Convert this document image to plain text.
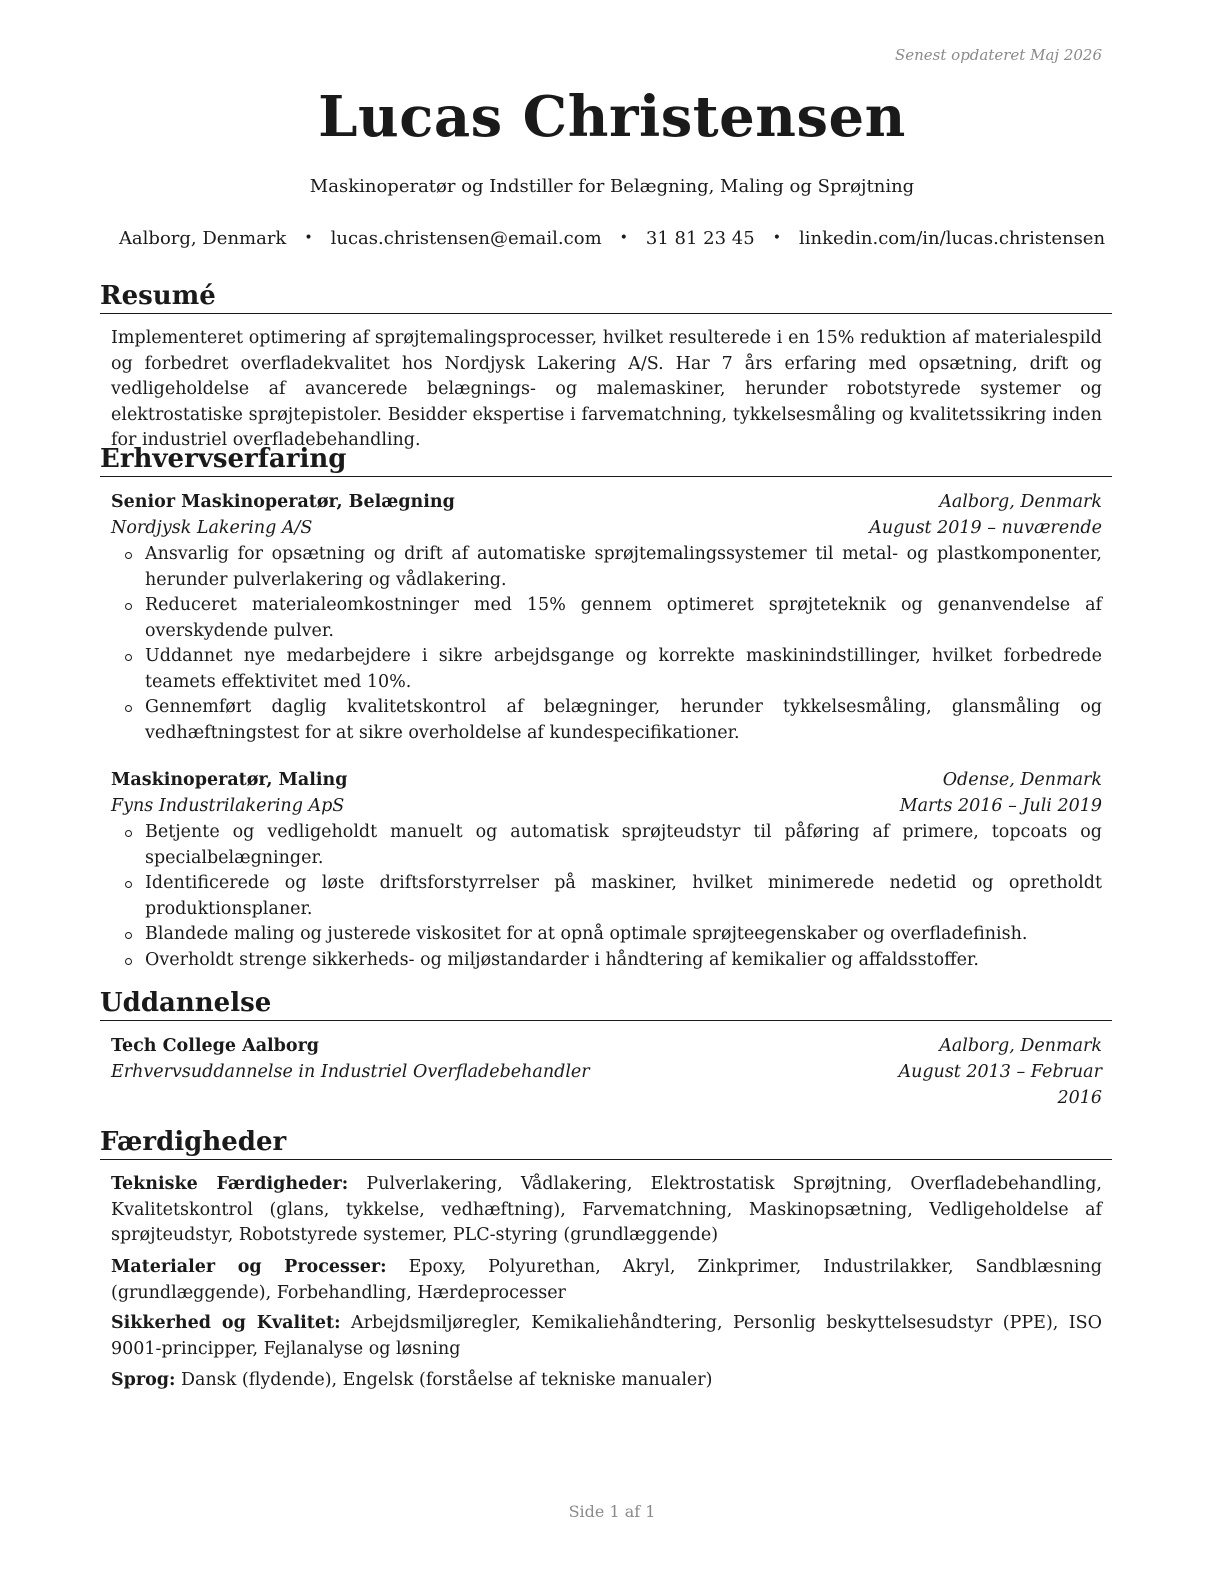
Senest opdateret Maj 2026
Lucas Christensen
Maskinoperatør og Indstiller for Belægning, Maling og Sprøjtning
Aalborg, Denmark • lucas.christensen@email.com • 31 81 23 45 • linkedin.com/in/lucas.christensen
Resumé
Implementeret optimering af sprøjtemalingsprocesser, hvilket resulterede i en 15% reduktion af materialespild og forbedret overfladekvalitet hos Nordjysk Lakering A/S. Har 7 års erfaring med opsætning, drift og vedligeholdelse af avancerede belægnings- og malemaskiner, herunder robotstyrede systemer og elektrostatiske sprøjtepistoler. Besidder ekspertise i farvematchning, tykkelsesmåling og kvalitetssikring inden for industriel overfladebehandling.
Erhvervserfaring
Senior Maskinoperatør, Belægning	Aalborg, Denmark
Nordjysk Lakering A/S	August 2019 – nuværende
Ansvarlig for opsætning og drift af automatiske sprøjtemalingssystemer til metal- og plastkomponenter, herunder pulverlakering og vådlakering.
Reduceret materialeomkostninger med 15% gennem optimeret sprøjteteknik og genanvendelse af overskydende pulver.
Uddannet nye medarbejdere i sikre arbejdsgange og korrekte maskinindstillinger, hvilket forbedrede teamets effektivitet med 10%.
Gennemført daglig kvalitetskontrol af belægninger, herunder tykkelsesmåling, glansmåling og vedhæftningstest for at sikre overholdelse af kundespecifikationer.
Maskinoperatør, Maling	Odense, Denmark
Fyns Industrilakering ApS	Marts 2016 – Juli 2019
Betjente og vedligeholdt manuelt og automatisk sprøjteudstyr til påføring af primere, topcoats og specialbelægninger.
Identificerede og løste driftsforstyrrelser på maskiner, hvilket minimerede nedetid og opretholdt produktionsplaner.
Blandede maling og justerede viskositet for at opnå optimale sprøjteegenskaber og overfladefinish.
Overholdt strenge sikkerheds- og miljøstandarder i håndtering af kemikalier og affaldsstoffer.
Uddannelse
Tech College Aalborg	Aalborg, Denmark
Erhvervsuddannelse in Industriel Overfladebehandler	August 2013 – Februar
2016
Færdigheder
Tekniske Færdigheder: Pulverlakering, Vådlakering, Elektrostatisk Sprøjtning, Overfladebehandling, Kvalitetskontrol (glans, tykkelse, vedhæftning), Farvematchning, Maskinopsætning, Vedligeholdelse af sprøjteudstyr, Robotstyrede systemer, PLC-styring (grundlæggende)
Materialer og Processer: Epoxy, Polyurethan, Akryl, Zinkprimer, Industrilakker, Sandblæsning (grundlæggende), Forbehandling, Hærdeprocesser
Sikkerhed og Kvalitet: Arbejdsmiljøregler, Kemikaliehåndtering, Personlig beskyttelsesudstyr (PPE), ISO 9001-principper, Fejlanalyse og løsning
Sprog: Dansk (flydende), Engelsk (forståelse af tekniske manualer)
Side 1 af 1
